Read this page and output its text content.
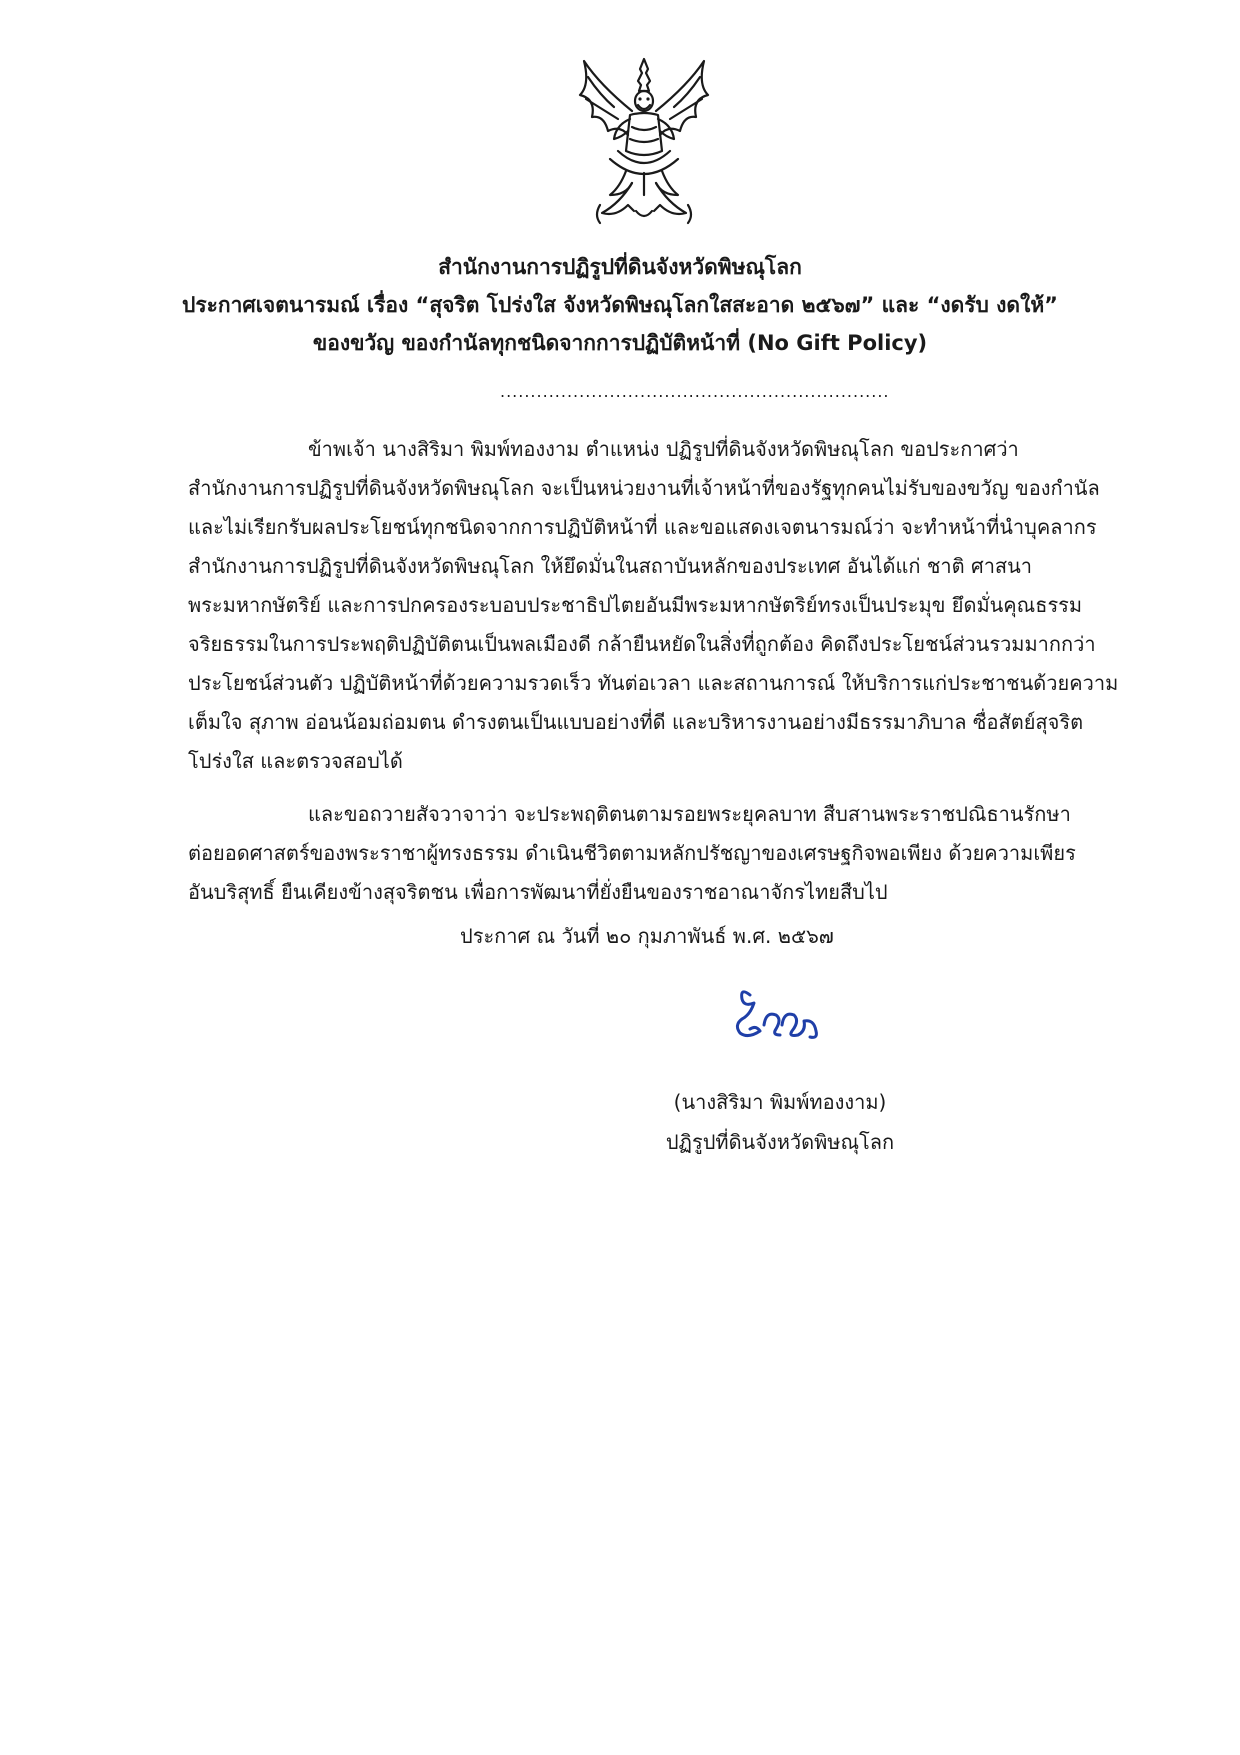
สำนักงานการปฏิรูปที่ดินจังหวัดพิษณุโลก
ประกาศเจตนารมณ์ เรื่อง “สุจริต โปร่งใส จังหวัดพิษณุโลกใสสะอาด ๒๕๖๗” และ “งดรับ งดให้”
ของขวัญ ของกำนัลทุกชนิดจากการปฏิบัติหน้าที่ (No Gift Policy)
................................................................
ข้าพเจ้า นางสิริมา พิมพ์ทองงาม ตำแหน่ง ปฏิรูปที่ดินจังหวัดพิษณุโลก ขอประกาศว่า
สำนักงานการปฏิรูปที่ดินจังหวัดพิษณุโลก จะเป็นหน่วยงานที่เจ้าหน้าที่ของรัฐทุกคนไม่รับของขวัญ ของกำนัล
และไม่เรียกรับผลประโยชน์ทุกชนิดจากการปฏิบัติหน้าที่ และขอแสดงเจตนารมณ์ว่า จะทำหน้าที่นำบุคลากร
สำนักงานการปฏิรูปที่ดินจังหวัดพิษณุโลก ให้ยึดมั่นในสถาบันหลักของประเทศ อันได้แก่ ชาติ ศาสนา
พระมหากษัตริย์ และการปกครองระบอบประชาธิปไตยอันมีพระมหากษัตริย์ทรงเป็นประมุข ยึดมั่นคุณธรรม
จริยธรรมในการประพฤติปฏิบัติตนเป็นพลเมืองดี กล้ายืนหยัดในสิ่งที่ถูกต้อง คิดถึงประโยชน์ส่วนรวมมากกว่า
ประโยชน์ส่วนตัว ปฏิบัติหน้าที่ด้วยความรวดเร็ว ทันต่อเวลา และสถานการณ์ ให้บริการแก่ประชาชนด้วยความ
เต็มใจ สุภาพ อ่อนน้อมถ่อมตน ดำรงตนเป็นแบบอย่างที่ดี และบริหารงานอย่างมีธรรมาภิบาล ซื่อสัตย์สุจริต
โปร่งใส และตรวจสอบได้
และขอถวายสัจวาจาว่า จะประพฤติตนตามรอยพระยุคลบาท สืบสานพระราชปณิธานรักษา
ต่อยอดศาสตร์ของพระราชาผู้ทรงธรรม ดำเนินชีวิตตามหลักปรัชญาของเศรษฐกิจพอเพียง ด้วยความเพียร
อันบริสุทธิ์ ยืนเคียงข้างสุจริตชน เพื่อการพัฒนาที่ยั่งยืนของราชอาณาจักรไทยสืบไป
ประกาศ ณ วันที่ ๒๐ กุมภาพันธ์ พ.ศ. ๒๕๖๗
(นางสิริมา พิมพ์ทองงาม)
ปฏิรูปที่ดินจังหวัดพิษณุโลก
